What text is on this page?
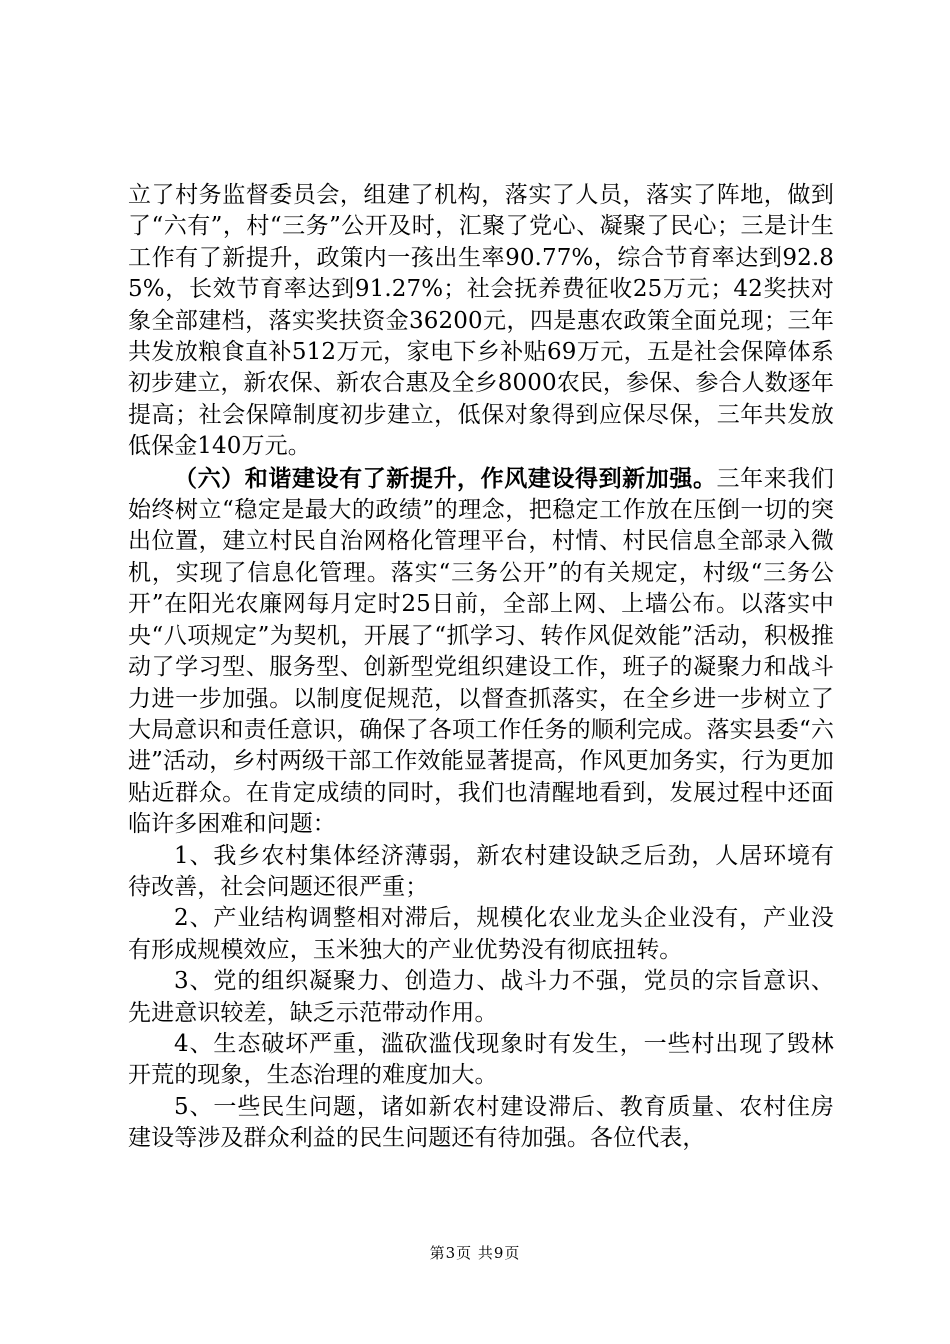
立了村务监督委员会，组建了机构，落实了人员，落实了阵地，做到了“六有”，村“三务”公开及时，汇聚了党心、凝聚了民心；三是计生工作有了新提升，政策内一孩出生率90.77%，综合节育率达到92.85%，长效节育率达到91.27%；社会抚养费征收25万元；42奖扶对象全部建档，落实奖扶资金36200元，四是惠农政策全面兑现；三年共发放粮食直补512万元，家电下乡补贴69万元，五是社会保障体系初步建立，新农保、新农合惠及全乡8000农民，参保、参合人数逐年提高；社会保障制度初步建立，低保对象得到应保尽保，三年共发放低保金140万元。

（六）和谐建设有了新提升，作风建设得到新加强。三年来我们始终树立“稳定是最大的政绩”的理念，把稳定工作放在压倒一切的突出位置，建立村民自治网格化管理平台，村情、村民信息全部录入微机，实现了信息化管理。落实“三务公开”的有关规定，村级“三务公开”在阳光农廉网每月定时25日前，全部上网、上墙公布。以落实中央“八项规定”为契机，开展了“抓学习、转作风促效能”活动，积极推动了学习型、服务型、创新型党组织建设工作，班子的凝聚力和战斗力进一步加强。以制度促规范，以督查抓落实，在全乡进一步树立了大局意识和责任意识，确保了各项工作任务的顺利完成。落实县委“六进”活动，乡村两级干部工作效能显著提高，作风更加务实，行为更加贴近群众。在肯定成绩的同时，我们也清醒地看到，发展过程中还面临许多困难和问题：

1、我乡农村集体经济薄弱，新农村建设缺乏后劲，人居环境有待改善，社会问题还很严重；

2、产业结构调整相对滞后，规模化农业龙头企业没有，产业没有形成规模效应，玉米独大的产业优势没有彻底扭转。

3、党的组织凝聚力、创造力、战斗力不强，党员的宗旨意识、先进意识较差，缺乏示范带动作用。

4、生态破坏严重，滥砍滥伐现象时有发生，一些村出现了毁林开荒的现象，生态治理的难度加大。

5、一些民生问题，诸如新农村建设滞后、教育质量、农村住房建设等涉及群众利益的民生问题还有待加强。各位代表，

第3页 共9页
